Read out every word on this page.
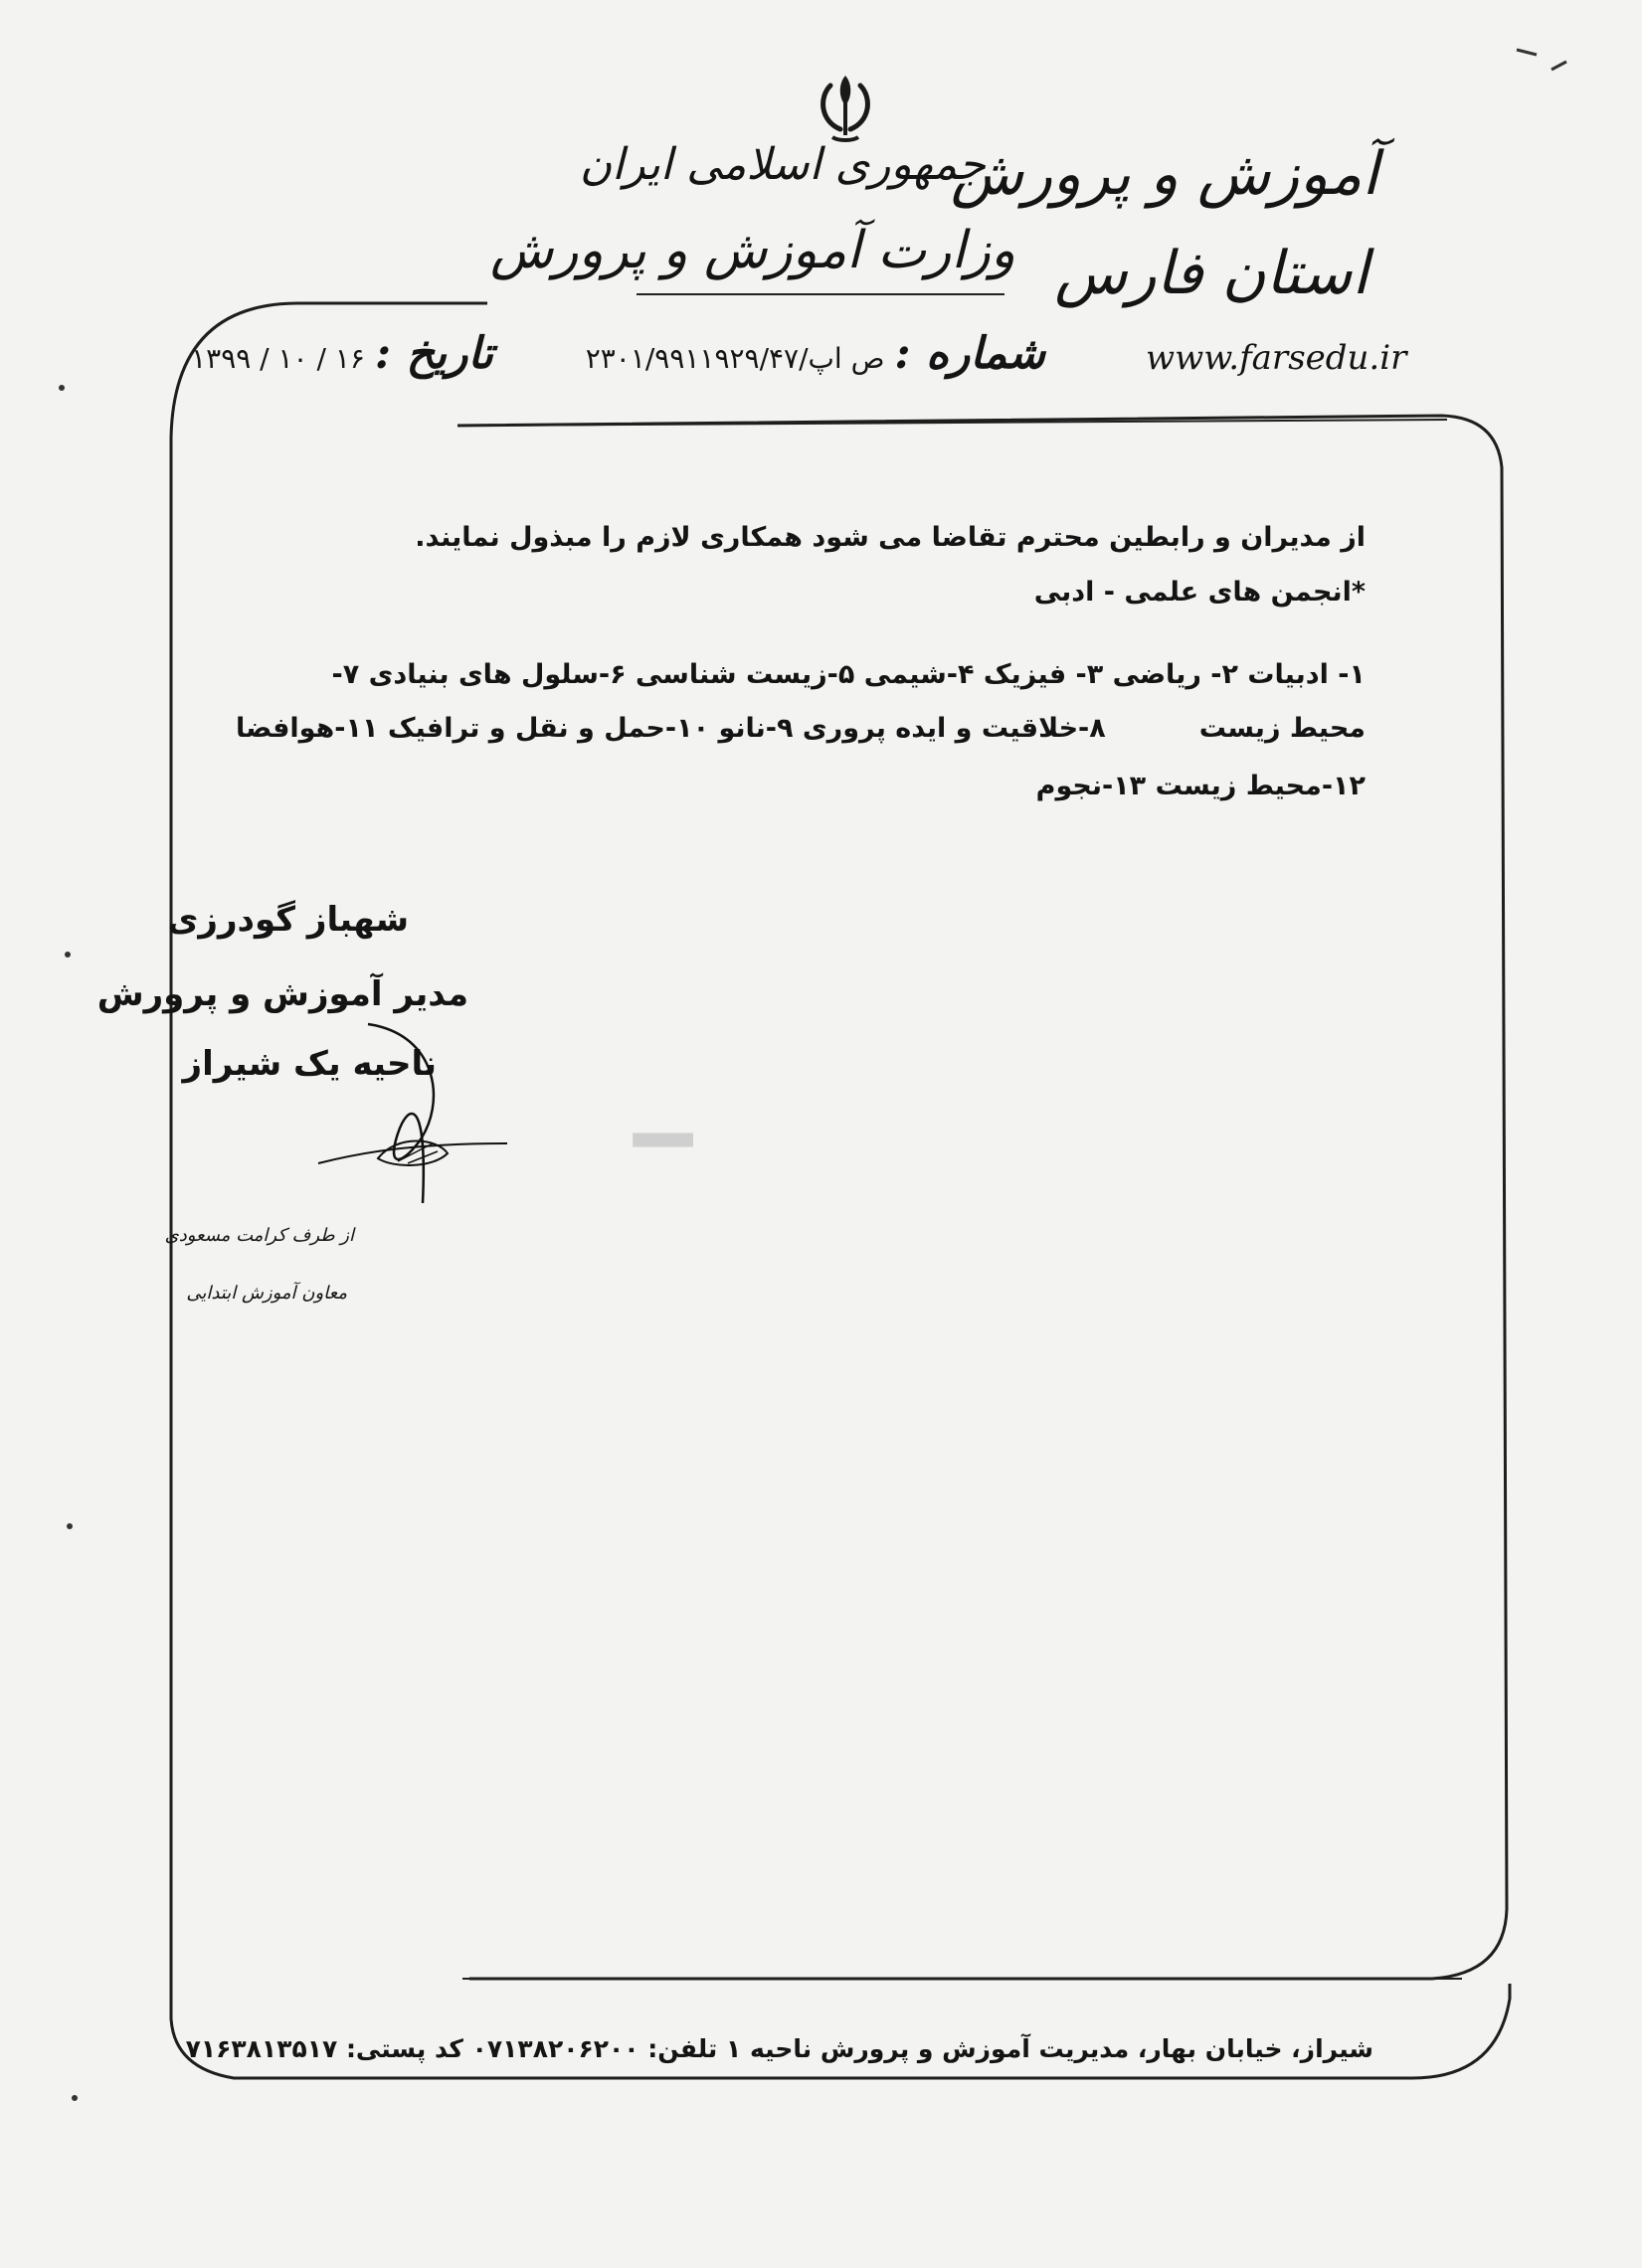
جمهوری اسلامی ایران
وزارت آموزش و پرورش
آموزش و پرورش
استان فارس
www.farsedu.ir
شماره :
ص اپ/۲۳۰۱/۹۹۱۱۹۲۹/۴۷
تاریخ :
۱۳۹۹ / ۱۰ / ۱۶
از مدیران و رابطین محترم تقاضا می شود همکاری لازم را مبذول نمایند.
*انجمن های علمی - ادبی
۱- ادبیات ۲- ریاضی ۳- فیزیک ۴-شیمی ۵-زیست شناسی ۶-سلول های بنیادی ۷-
محیط زیست          ۸-خلاقیت و ایده پروری ۹-نانو ۱۰-حمل و نقل و ترافیک ۱۱-هوافضا
۱۲-محیط زیست ۱۳-نجوم
شهباز گودرزی
مدیر آموزش و پرورش
ناحیه یک شیراز
از طرف کرامت مسعودی
معاون آموزش ابتدایی
ا
شیراز، خیابان بهار، مدیریت آموزش و پرورش ناحیه ۱ تلفن: ۰۷۱۳۸۲۰۶۲۰۰ کد پستی: ۷۱۶۳۸۱۳۵۱۷
